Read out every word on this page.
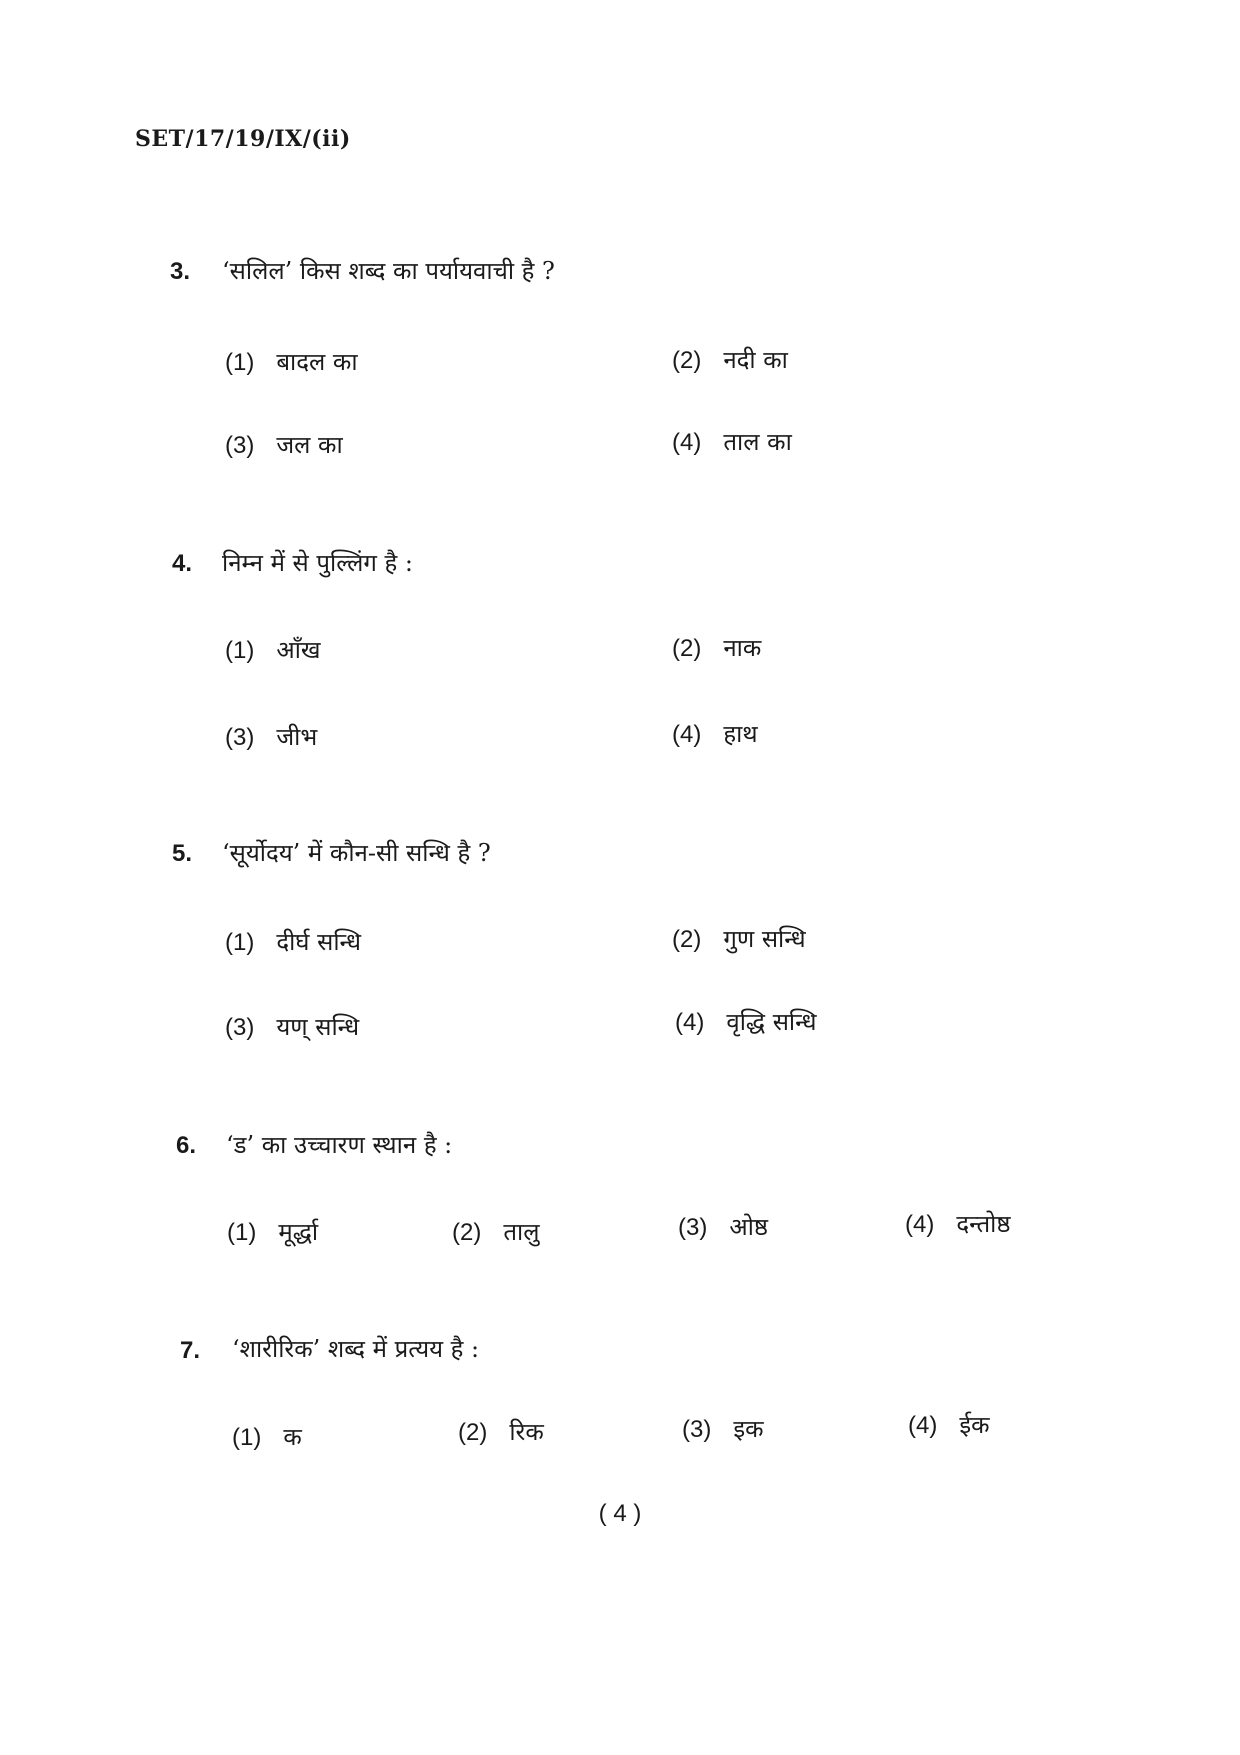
SET/17/19/IX/(ii)
3. ‘सलिल’ किस शब्द का पर्यायवाची है ?
(1) बादल का	(2) नदी का
(3) जल का	(4) ताल का
4. निम्न में से पुल्लिंग है :
(1) आँख	(2) नाक
(3) जीभ	(4) हाथ
5. ‘सूर्योदय’ में कौन-सी सन्धि है ?
(1) दीर्घ सन्धि	(2) गुण सन्धि
(3) यण् सन्धि	(4) वृद्धि सन्धि
6. ‘ड’ का उच्चारण स्थान है :
(1) मूर्द्धा	(2) तालु	(3) ओष्ठ	(4) दन्तोष्ठ
7. ‘शारीरिक’ शब्द में प्रत्यय है :
(1) क	(2) रिक	(3) इक	(4) ईक
( 4 )
